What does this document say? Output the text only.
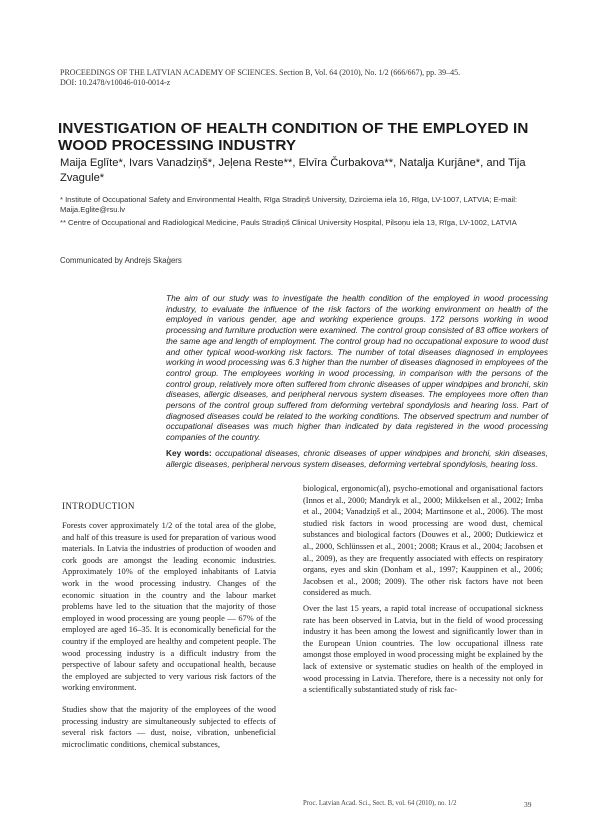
PROCEEDINGS OF THE LATVIAN ACADEMY OF SCIENCES. Section B, Vol. 64 (2010), No. 1/2 (666/667), pp. 39–45.
DOI: 10.2478/v10046-010-0014-z
INVESTIGATION OF HEALTH CONDITION OF THE EMPLOYED IN WOOD PROCESSING INDUSTRY
Maija Eglīte*, Ivars Vanadziņš*, Jeļena Reste**, Elvīra Čurbakova**, Natalja Kurjāne*, and Tija Zvagule*
* Institute of Occupational Safety and Environmental Health, Rīga Stradiņš University, Dzirciema iela 16, Rīga, LV-1007, LATVIA; E-mail: Maija.Eglite@rsu.lv
** Centre of Occupational and Radiological Medicine, Pauls Stradiņš Clinical University Hospital, Pilsoņu iela 13, Rīga, LV-1002, LATVIA
Communicated by Andrejs Skaģers
The aim of our study was to investigate the health condition of the employed in wood processing industry, to evaluate the influence of the risk factors of the working environment on health of the employed in various gender, age and working experience groups. 172 persons working in wood processing and furniture production were examined. The control group consisted of 83 office workers of the same age and length of employment. The control group had no occupational exposure to wood dust and other typical wood-working risk factors. The number of total diseases diagnosed in employees working in wood processing was 6.3 higher than the number of diseases diagnosed in employees of the control group. The employees working in wood processing, in comparison with the persons of the control group, relatively more often suffered from chronic diseases of upper windpipes and bronchi, skin diseases, allergic diseases, and peripheral nervous system diseases. The employees more often than persons of the control group suffered from deforming vertebral spondylosis and hearing loss. Part of diagnosed diseases could be related to the working conditions. The observed spectrum and number of occupational diseases was much higher than indicated by data registered in the wood processing companies of the country.
Key words: occupational diseases, chronic diseases of upper windpipes and bronchi, skin diseases, allergic diseases, peripheral nervous system diseases, deforming vertebral spondylosis, hearing loss.
INTRODUCTION

Forests cover approximately 1/2 of the total area of the globe, and half of this treasure is used for preparation of various wood materials. In Latvia the industries of production of wooden and cork goods are amongst the leading economic industries. Approximately 10% of the employed inhabitants of Latvia work in the wood processing industry. Changes of the economic situation in the country and the labour market problems have led to the situation that the majority of those employed in wood processing are young people — 67% of the employed are aged 16–35. It is economically beneficial for the country if the employed are healthy and competent people. The wood processing industry is a difficult industry from the perspective of labour safety and occupational health, because the employed are subjected to very various risk factors of the working environment.

Studies show that the majority of the employees of the wood processing industry are simultaneously subjected to effects of several risk factors — dust, noise, vibration, unbeneficial microclimatic conditions, chemical substances,

biological, ergonomic(al), psycho-emotional and organisational factors (Innos et al., 2000; Mandryk et al., 2000; Mikkelsen et al., 2002; Irnba et al., 2004; Vanadziņš et al., 2004; Martinsone et al., 2006). The most studied risk factors in wood processing are wood dust, chemical substances and biological factors (Douwes et al., 2000; Dutkiewicz et al., 2000, Schlünssen et al., 2001; 2008; Kraus et al., 2004; Jacobsen et al., 2009), as they are frequently associated with effects on respiratory organs, eyes and skin (Donham et al., 1997; Kauppinen et al., 2006; Jacobsen et al., 2008; 2009). The other risk factors have not been considered as much.

Over the last 15 years, a rapid total increase of occupational sickness rate has been observed in Latvia, but in the field of wood processing industry it has been among the lowest and significantly lower than in the European Union countries. The low occupational illness rate amongst those employed in wood processing might be explained by the lack of extensive or systematic studies on health of the employed in wood processing in Latvia. Therefore, there is a necessity not only for a scientifically substantiated study of risk fac-

Proc. Latvian Acad. Sci., Sect. B, vol. 64 (2010), no. 1/2	39
